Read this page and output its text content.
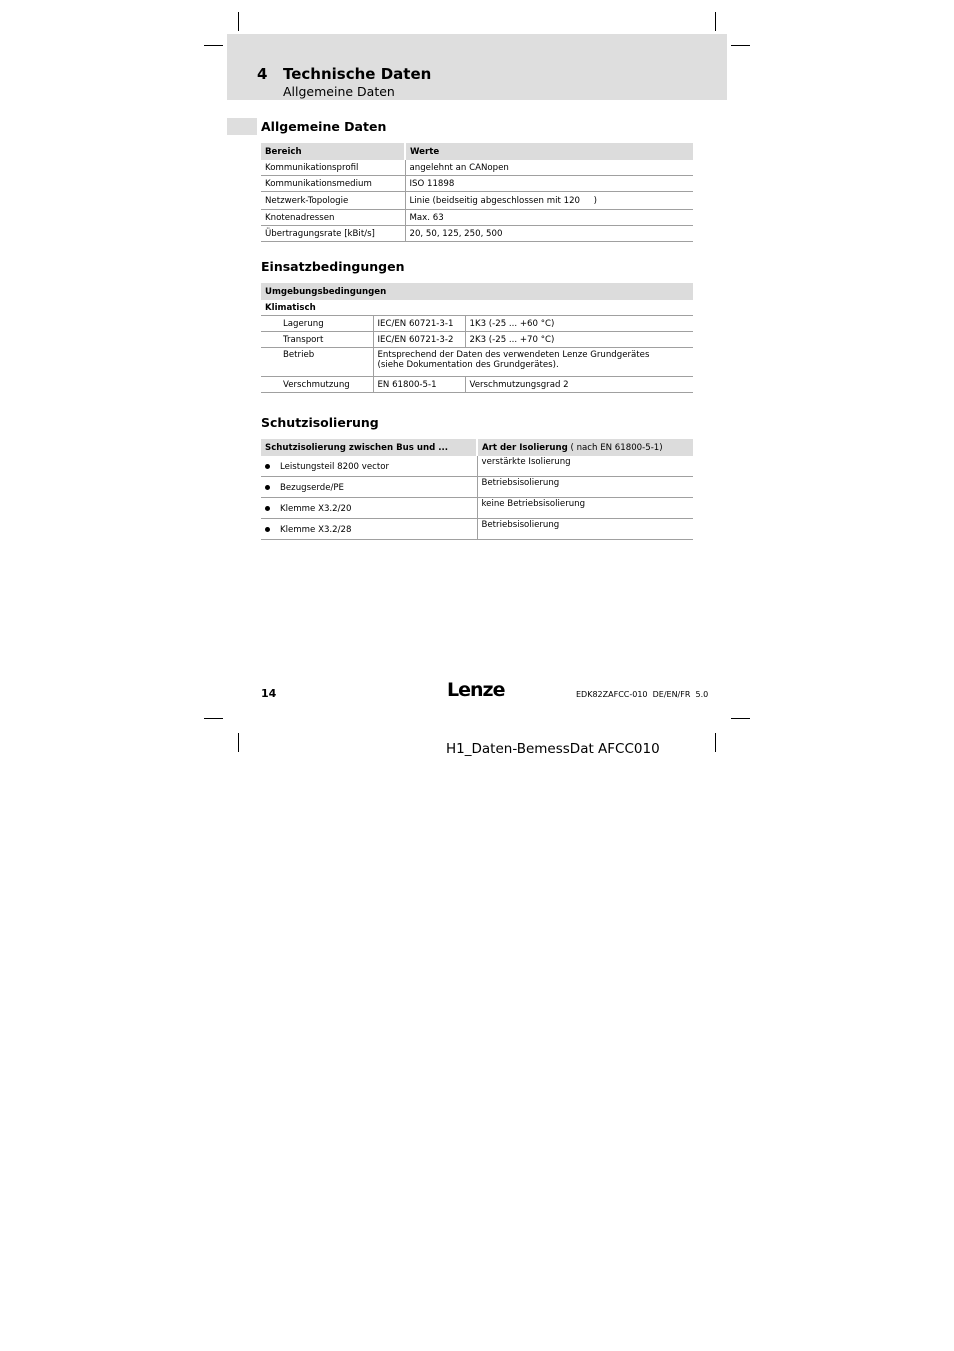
4 Technische Daten
Allgemeine Daten
Allgemeine Daten
Bereich	Werte
Kommunikationsprofil	angelehnt an CANopen
Kommunikationsmedium	ISO 11898
Netzwerk-Topologie	Linie (beidseitig abgeschlossen mit 120     )
Knotenadressen	Max. 63
Übertragungsrate [kBit/s]	20, 50, 125, 250, 500
Einsatzbedingungen
Umgebungsbedingungen		
Klimatisch		
Lagerung	IEC/EN 60721-3-1	1K3 (-25 ... +60 °C)
Transport	IEC/EN 60721-3-2	2K3 (-25 ... +70 °C)
Betrieb	Entsprechend der Daten des verwendeten Lenze Grundgerätes (siehe Dokumentation des Grundgerätes).	
Verschmutzung	EN 61800-5-1	Verschmutzungsgrad 2
Schutzisolierung
Schutzisolierung zwischen Bus und ...	Art der Isolierung ( nach EN 61800-5-1)
Leistungsteil 8200 vector	verstärkte Isolierung
Bezugserde/PE	Betriebsisolierung
Klemme X3.2/20	keine Betriebsisolierung
Klemme X3.2/28	Betriebsisolierung
14	Lenze	EDK82ZAFCC-010  DE/EN/FR  5.0
H1_Daten-BemessDat AFCC010
